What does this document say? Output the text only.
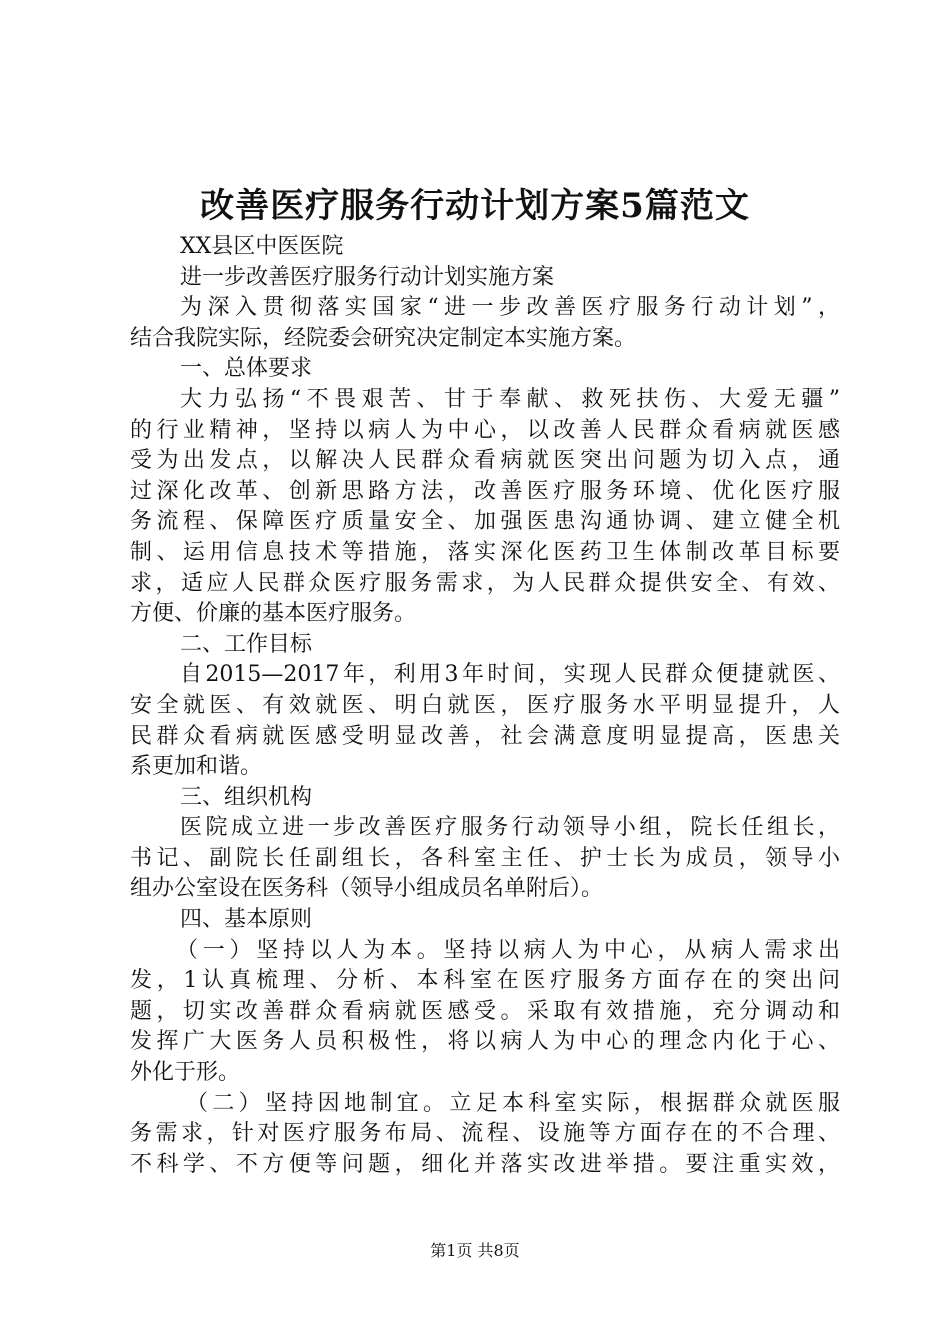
改善医疗服务行动计划方案5篇范文
XX县区中医医院
进一步改善医疗服务行动计划实施方案
为深入贯彻落实国家“进一步改善医疗服务行动计划”，
结合我院实际，经院委会研究决定制定本实施方案。
一、总体要求
大力弘扬“不畏艰苦、甘于奉献、救死扶伤、大爱无疆”
的行业精神，坚持以病人为中心，以改善人民群众看病就医感
受为出发点，以解决人民群众看病就医突出问题为切入点，通
过深化改革、创新思路方法，改善医疗服务环境、优化医疗服
务流程、保障医疗质量安全、加强医患沟通协调、建立健全机
制、运用信息技术等措施，落实深化医药卫生体制改革目标要
求，适应人民群众医疗服务需求，为人民群众提供安全、有效、
方便、价廉的基本医疗服务。
二、工作目标
自2015—2017年，利用3年时间，实现人民群众便捷就医、
安全就医、有效就医、明白就医，医疗服务水平明显提升，人
民群众看病就医感受明显改善，社会满意度明显提高，医患关
系更加和谐。
三、组织机构
医院成立进一步改善医疗服务行动领导小组，院长任组长，
书记、副院长任副组长，各科室主任、护士长为成员，领导小
组办公室设在医务科（领导小组成员名单附后）。
四、基本原则
（一）坚持以人为本。坚持以病人为中心，从病人需求出
发，1认真梳理、分析、本科室在医疗服务方面存在的突出问
题，切实改善群众看病就医感受。采取有效措施，充分调动和
发挥广大医务人员积极性，将以病人为中心的理念内化于心、
外化于形。
（二）坚持因地制宜。立足本科室实际，根据群众就医服
务需求，针对医疗服务布局、流程、设施等方面存在的不合理、
不科学、不方便等问题，细化并落实改进举措。要注重实效，
第1页 共8页
